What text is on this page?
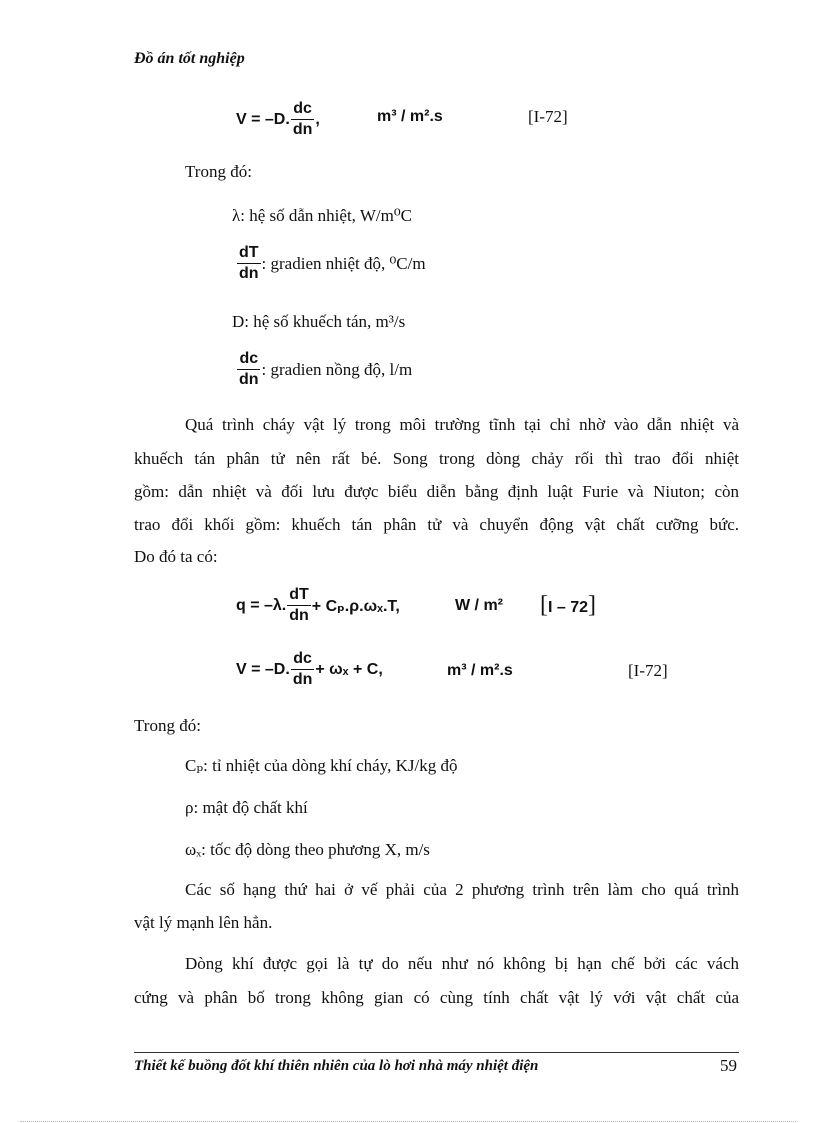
Đồ án tốt nghiệp
V = –D. $\frac{dc}{dn}$ ,	m³ / m².s	[I-72]
Trong đó:
λ: hệ số dẫn nhiệt, W/m⁰C
$\frac{dT}{dn}$ : gradien nhiệt độ, ⁰C/m
D: hệ số khuếch tán, m³/s
$\frac{dc}{dn}$ : gradien nồng độ, l/m
Quá trình cháy vật lý trong môi trường tĩnh tại chỉ nhờ vào dẫn nhiệt và
khuếch tán phân tử nên rất bé. Song trong dòng chảy rối thì trao đổi nhiệt
gồm: dẫn nhiệt và đối lưu được biểu diễn bằng định luật Furie và Niuton; còn
trao đổi khối gồm: khuếch tán phân tử và chuyển động vật chất cưỡng bức.
Do đó ta có:
q = –λ. $\frac{dT}{dn} + C_p.\rho.\omega_x.T$,	W / m² [I – 72]
V = –D. $\frac{dc}{dn} + \omega_x + C$,	m³ / m².s	[I-72]
Trong đó:
Cₚ: tỉ nhiệt của dòng khí cháy, KJ/kg độ
ρ: mật độ chất khí
ωₓ: tốc độ dòng theo phương X, m/s
Các số hạng thứ hai ở vế phải của 2 phương trình trên làm cho quá trình
vật lý mạnh lên hẳn.
Dòng khí được gọi là tự do nếu như nó không bị hạn chế bởi các vách
cứng và phân bố trong không gian có cùng tính chất vật lý với vật chất của
Thiết kế buồng đốt khí thiên nhiên của lò hơi nhà máy nhiệt điện	59
